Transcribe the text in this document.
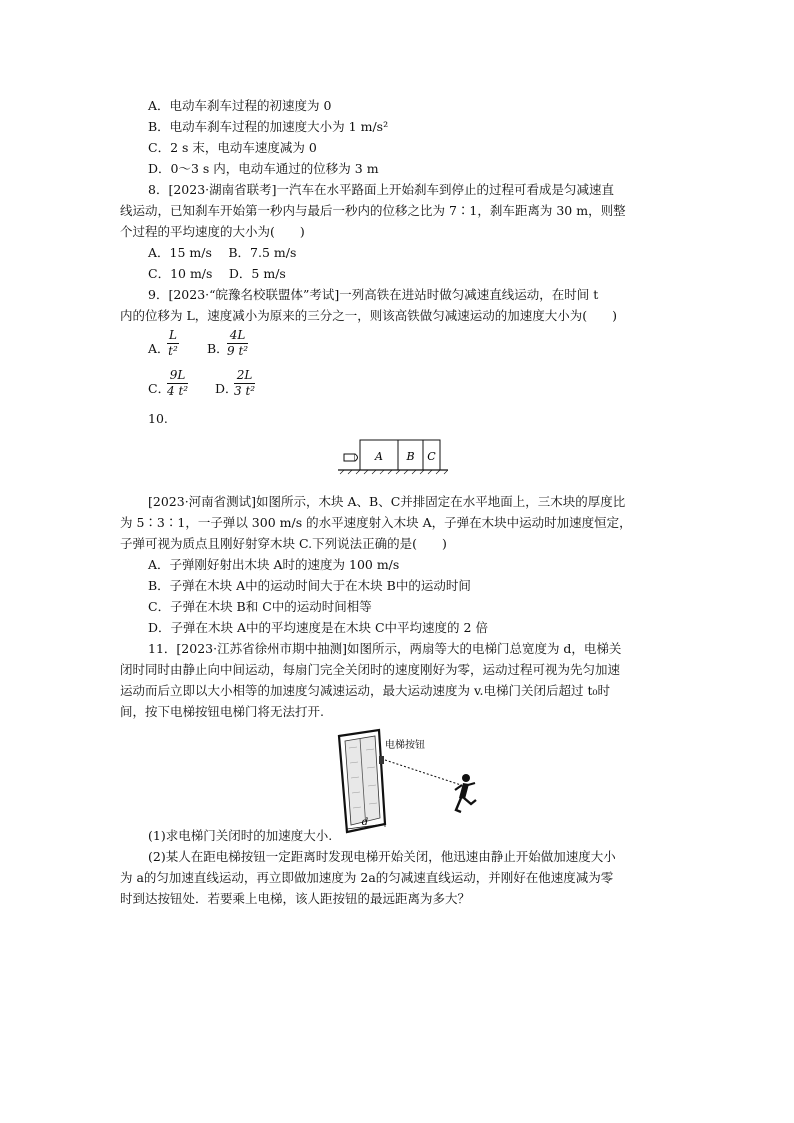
A．电动车刹车过程的初速度为 0
B．电动车刹车过程的加速度大小为 1 m/s²
C．2 s 末，电动车速度减为 0
D．0～3 s 内，电动车通过的位移为 3 m
8．[2023·湖南省联考]一汽车在水平路面上开始刹车到停止的过程可看成是匀减速直
线运动，已知刹车开始第一秒内与最后一秒内的位移之比为 7∶1，刹车距离为 30 m，则整
个过程的平均速度的大小为(　　)
A．15 m/s　 B．7.5 m/s
C．10 m/s　 D．5 m/s
9．[2023·“皖豫名校联盟体”考试]一列高铁在进站时做匀减速直线运动，在时间 t
内的位移为 L，速度减小为原来的三分之一，则该高铁做匀减速运动的加速度大小为(　　)
A．
$\frac{L}{\text{t²}}$ B．
$\frac{4L}{\text{9 t²}}$
C．
$\frac{9L}{\text{4 t²}}$ D．
$\frac{2L}{\text{3 t²}}$
10.
A B C
[2023·河南省测试]如图所示，木块 A、B、C并排固定在水平地面上，三木块的厚度比
为 5∶3∶1，一子弹以 300 m/s 的水平速度射入木块 A，子弹在木块中运动时加速度恒定，
子弹可视为质点且刚好射穿木块 C.下列说法正确的是(　　)
A．子弹刚好射出木块 A时的速度为 100 m/s
B．子弹在木块 A中的运动时间大于在木块 B中的运动时间
C．子弹在木块 B和 C中的运动时间相等
D．子弹在木块 A中的平均速度是在木块 C中平均速度的 2 倍
11．[2023·江苏省徐州市期中抽测]如图所示，两扇等大的电梯门总宽度为 d，电梯关
闭时同时由静止向中间运动，每扇门完全关闭时的速度刚好为零，运动过程可视为先匀加速
运动而后立即以大小相等的加速度匀减速运动，最大运动速度为 v.电梯门关闭后超过 t₀时
间，按下电梯按钮电梯门将无法打开.
d
电梯按钮
(1)求电梯门关闭时的加速度大小.
(2)某人在距电梯按钮一定距离时发现电梯开始关闭，他迅速由静止开始做加速度大小
为 a的匀加速直线运动，再立即做加速度为 2a的匀减速直线运动，并刚好在他速度减为零
时到达按钮处．若要乘上电梯，该人距按钮的最远距离为多大？
